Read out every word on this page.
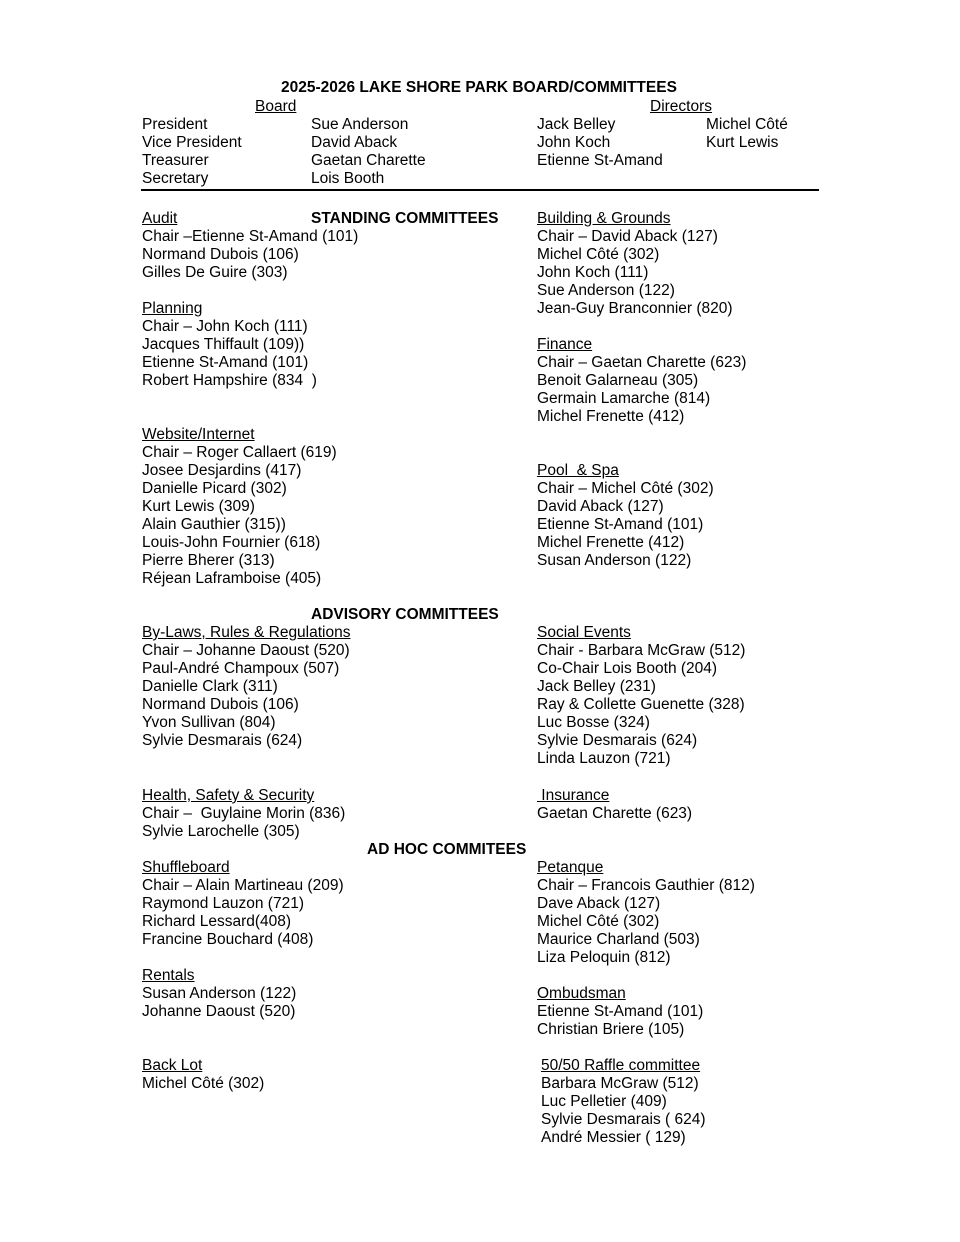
2025-2026 LAKE SHORE PARK BOARD/COMMITTEES
Board	Directors
President
Vice President
Treasurer
Secretary
Sue Anderson
David Aback
Gaetan Charette
Lois Booth
Jack Belley
John Koch
Etienne St-Amand
Michel Côté
Kurt Lewis
STANDING COMMITTEES
ADVISORY COMMITTEES
AD HOC COMMITEES
Audit
Chair –Etienne St-Amand (101)
Normand Dubois (106)
Gilles De Guire (303)
Building & Grounds
Chair – David Aback (127)
Michel Côté (302)
John Koch (111)
Sue Anderson (122)
Jean-Guy Branconnier (820)
Planning
Chair – John Koch (111)
Jacques Thiffault (109))
Etienne St-Amand (101)
Robert Hampshire (834  )
Finance
Chair – Gaetan Charette (623)
Benoit Galarneau (305)
Germain Lamarche (814)
Michel Frenette (412)
Website/Internet
Chair – Roger Callaert (619)
Josee Desjardins (417)
Danielle Picard (302)
Kurt Lewis (309)
Alain Gauthier (315))
Louis-John Fournier (618)
Pierre Bherer (313)
Réjean Laframboise (405)
Pool  & Spa
Chair – Michel Côté (302)
David Aback (127)
Etienne St-Amand (101)
Michel Frenette (412)
Susan Anderson (122)
By-Laws, Rules & Regulations
Chair – Johanne Daoust (520)
Paul-André Champoux (507)
Danielle Clark (311)
Normand Dubois (106)
Yvon Sullivan (804)
Sylvie Desmarais (624)
Social Events
Chair - Barbara McGraw (512)
Co-Chair Lois Booth (204)
Jack Belley (231)
Ray & Collette Guenette (328)
Luc Bosse (324)
Sylvie Desmarais (624)
Linda Lauzon (721)
Health, Safety & Security
Chair –  Guylaine Morin (836)
Sylvie Larochelle (305)
Insurance
Gaetan Charette (623)
Shuffleboard
Chair – Alain Martineau (209)
Raymond Lauzon (721)
Richard Lessard(408)
Francine Bouchard (408)
Petanque
Chair – Francois Gauthier (812)
Dave Aback (127)
Michel Côté (302)
Maurice Charland (503)
Liza Peloquin (812)
Rentals
Susan Anderson (122)
Johanne Daoust (520)
Ombudsman
Etienne St-Amand (101)
Christian Briere (105)
Back Lot
Michel Côté (302)
50/50 Raffle committee
Barbara McGraw (512)
Luc Pelletier (409)
Sylvie Desmarais ( 624)
André Messier ( 129)
